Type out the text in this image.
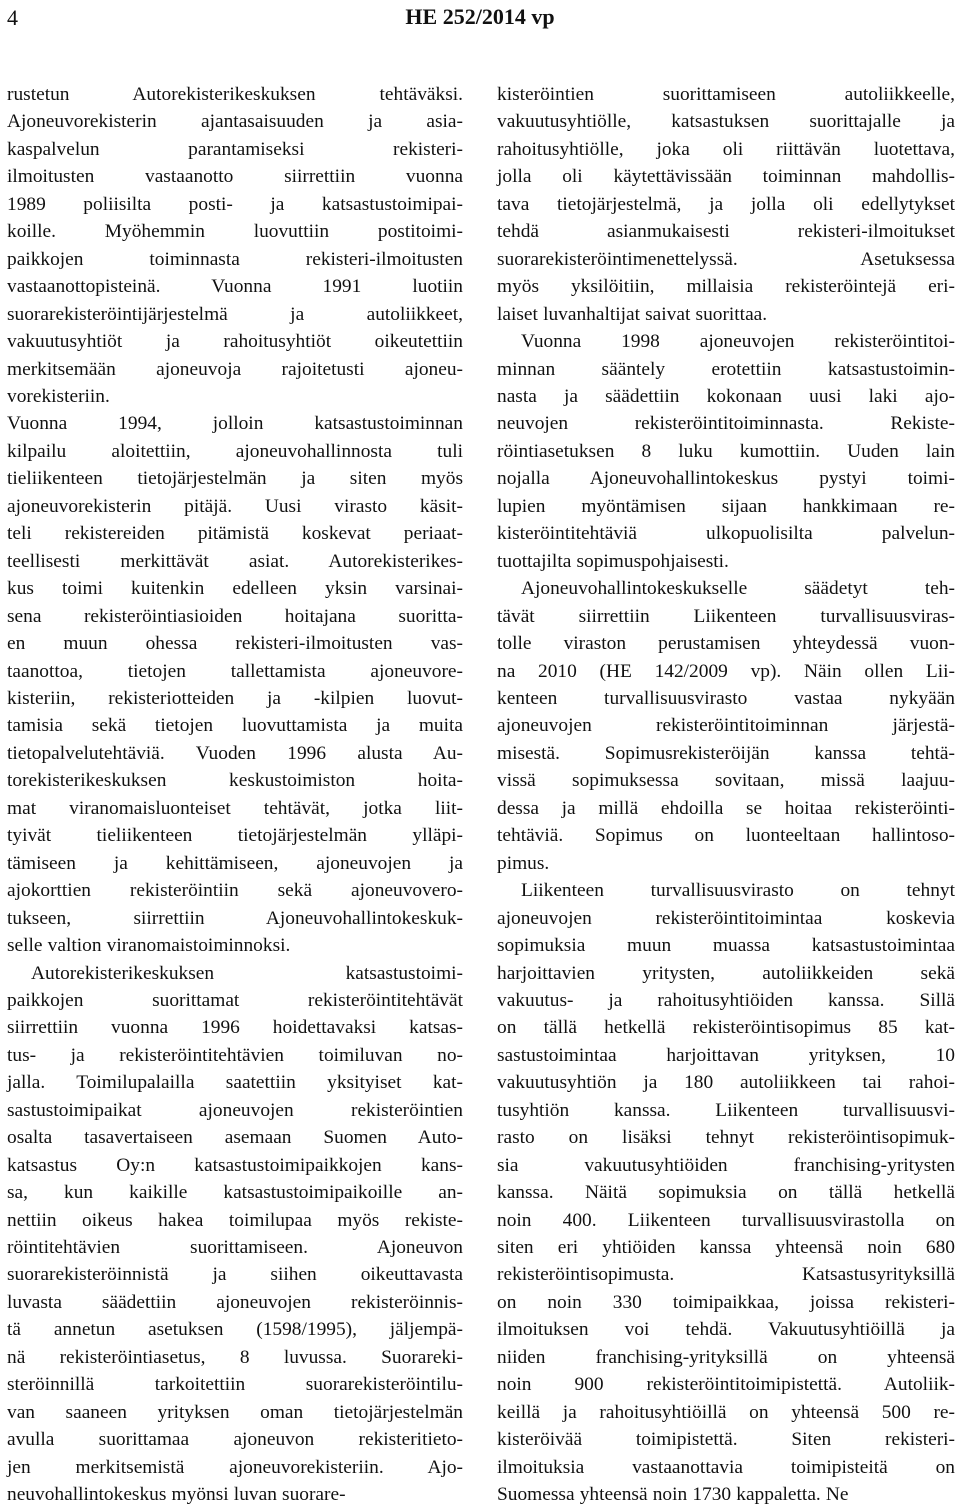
4	HE 252/2014 vp

rustetun Autorekisterikeskuksen tehtäväksi.
Ajoneuvorekisterin ajantasaisuuden ja asia-
kaspalvelun parantamiseksi rekisteri-
ilmoitusten vastaanotto siirrettiin vuonna
1989 poliisilta posti- ja katsastustoimipai-
koille. Myöhemmin luovuttiin postitoimi-
paikkojen toiminnasta rekisteri-ilmoitusten
vastaanottopisteinä. Vuonna 1991 luotiin
suorarekisteröintijärjestelmä ja autoliikkeet,
vakuutusyhtiöt ja rahoitusyhtiöt oikeutettiin
merkitsemään ajoneuvoja rajoitetusti ajoneu-
vorekisteriin.

Vuonna 1994, jolloin katsastustoiminnan
kilpailu aloitettiin, ajoneuvohallinnosta tuli
tieliikenteen tietojärjestelmän ja siten myös
ajoneuvorekisterin pitäjä. Uusi virasto käsit-
teli rekistereiden pitämistä koskevat periaat-
teellisesti merkittävät asiat. Autorekisterikes-
kus toimi kuitenkin edelleen yksin varsinai-
sena rekisteröintiasioiden hoitajana suoritta-
en muun ohessa rekisteri-ilmoitusten vas-
taanottoa, tietojen tallettamista ajoneuvore-
kisteriin, rekisteriotteiden ja -kilpien luovut-
tamisia sekä tietojen luovuttamista ja muita
tietopalvelutehtäviä. Vuoden 1996 alusta Au-
torekisterikeskuksen keskustoimiston hoita-
mat viranomaisluonteiset tehtävät, jotka liit-
tyivät tieliikenteen tietojärjestelmän ylläpi-
tämiseen ja kehittämiseen, ajoneuvojen ja
ajokorttien rekisteröintiin sekä ajoneuvovero-
tukseen, siirrettiin Ajoneuvohallintokeskuk-
selle valtion viranomaistoiminnoksi.

Autorekisterikeskuksen katsastustoimi-
paikkojen suorittamat rekisteröintitehtävät
siirrettiin vuonna 1996 hoidettavaksi katsas-
tus- ja rekisteröintitehtävien toimiluvan no-
jalla. Toimilupalailla saatettiin yksityiset kat-
sastustoimipaikat ajoneuvojen rekisteröintien
osalta tasavertaiseen asemaan Suomen Auto-
katsastus Oy:n katsastustoimipaikkojen kans-
sa, kun kaikille katsastustoimipaikoille an-
nettiin oikeus hakea toimilupaa myös rekiste-
röintitehtävien suorittamiseen. Ajoneuvon
suorarekisteröinnistä ja siihen oikeuttavasta
luvasta säädettiin ajoneuvojen rekisteröinnis-
tä annetun asetuksen (1598/1995), jäljempä-
nä rekisteröintiasetus, 8 luvussa. Suorareki-
steröinnillä tarkoitettiin suorarekisteröintilu-
van saaneen yrityksen oman tietojärjestelmän
avulla suorittamaa ajoneuvon rekisteritieto-
jen merkitsemistä ajoneuvorekisteriin. Ajo-
neuvohallintokeskus myönsi luvan suorare-

kisteröintien suorittamiseen autoliikkeelle,
vakuutusyhtiölle, katsastuksen suorittajalle ja
rahoitusyhtiölle, joka oli riittävän luotettava,
jolla oli käytettävissään toiminnan mahdollis-
tava tietojärjestelmä, ja jolla oli edellytykset
tehdä asianmukaisesti rekisteri-ilmoitukset
suorarekisteröintimenettelyssä. Asetuksessa
myös yksilöitiin, millaisia rekisteröintejä eri-
laiset luvanhaltijat saivat suorittaa.

Vuonna 1998 ajoneuvojen rekisteröintitoi-
minnan sääntely erotettiin katsastustoimin-
nasta ja säädettiin kokonaan uusi laki ajo-
neuvojen rekisteröintitoiminnasta. Rekiste-
röintiasetuksen 8 luku kumottiin. Uuden lain
nojalla Ajoneuvohallintokeskus pystyi toimi-
lupien myöntämisen sijaan hankkimaan re-
kisteröintitehtäviä ulkopuolisilta palvelun-
tuottajilta sopimuspohjaisesti.

Ajoneuvohallintokeskukselle säädetyt teh-
tävät siirrettiin Liikenteen turvallisuusviras-
tolle viraston perustamisen yhteydessä vuon-
na 2010 (HE 142/2009 vp). Näin ollen Lii-
kenteen turvallisuusvirasto vastaa nykyään
ajoneuvojen rekisteröintitoiminnan järjestä-
misestä. Sopimusrekisteröijän kanssa tehtä-
vissä sopimuksessa sovitaan, missä laajuu-
dessa ja millä ehdoilla se hoitaa rekisteröinti-
tehtäviä. Sopimus on luonteeltaan hallintoso-
pimus.

Liikenteen turvallisuusvirasto on tehnyt
ajoneuvojen rekisteröintitoimintaa koskevia
sopimuksia muun muassa katsastustoimintaa
harjoittavien yritysten, autoliikkeiden sekä
vakuutus- ja rahoitusyhtiöiden kanssa. Sillä
on tällä hetkellä rekisteröintisopimus 85 kat-
sastustoimintaa harjoittavan yrityksen, 10
vakuutusyhtiön ja 180 autoliikkeen tai rahoi-
tusyhtiön kanssa. Liikenteen turvallisuusvi-
rasto on lisäksi tehnyt rekisteröintisopimuk-
sia vakuutusyhtiöiden franchising-yritysten
kanssa. Näitä sopimuksia on tällä hetkellä
noin 400. Liikenteen turvallisuusvirastolla on
siten eri yhtiöiden kanssa yhteensä noin 680
rekisteröintisopimusta. Katsastusyrityksillä
on noin 330 toimipaikkaa, joissa rekisteri-
ilmoituksen voi tehdä. Vakuutusyhtiöillä ja
niiden franchising-yrityksillä on yhteensä
noin 900 rekisteröintitoimipistettä. Autoliik-
keillä ja rahoitusyhtiöillä on yhteensä 500 re-
kisteröivää toimipistettä. Siten rekisteri-
ilmoituksia vastaanottavia toimipisteitä on
Suomessa yhteensä noin 1730 kappaletta. Ne
